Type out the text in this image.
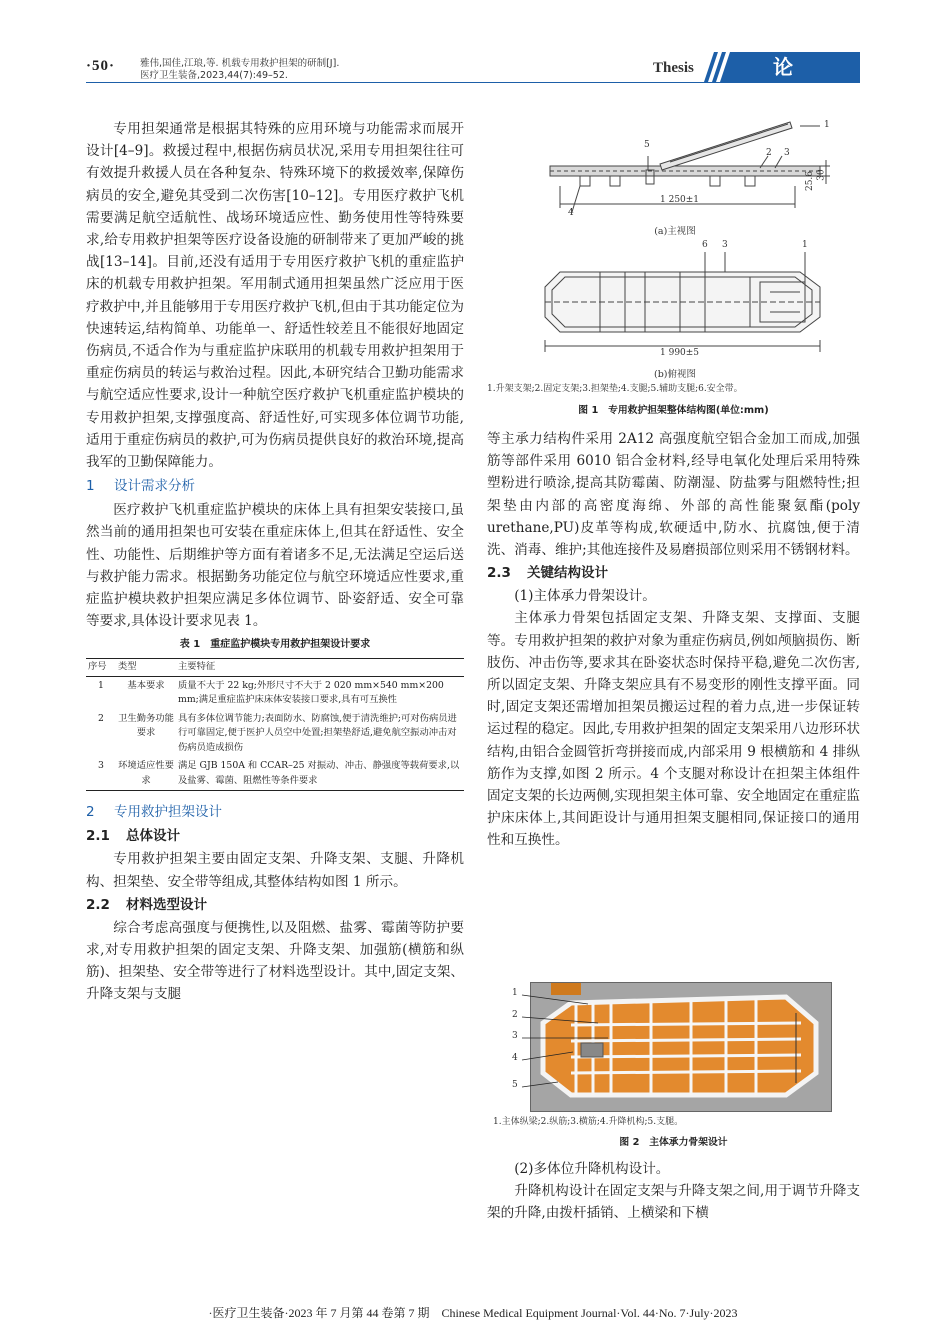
·50·	雅伟,国佳,江琅,等. 机载专用救护担架的研制[J].
医疗卫生装备,2023,44(7):49–52.	Thesis	论著

专用担架通常是根据其特殊的应用环境与功能需求而展开设计[4–9]。救援过程中,根据伤病员状况,采用专用担架往往可有效提升救援人员在各种复杂、特殊环境下的救援效率,保障伤病员的安全,避免其受到二次伤害[10–12]。专用医疗救护飞机需要满足航空适航性、战场环境适应性、勤务使用性等特殊要求,给专用救护担架等医疗设备设施的研制带来了更加严峻的挑战[13–14]。目前,还没有适用于专用医疗救护飞机的重症监护床的机载专用救护担架。军用制式通用担架虽然广泛应用于医疗救护中,并且能够用于专用医疗救护飞机,但由于其功能定位为快速转运,结构简单、功能单一、舒适性较差且不能很好地固定伤病员,不适合作为与重症监护床联用的机载专用救护担架用于重症伤病员的转运与救治过程。因此,本研究结合卫勤功能需求与航空适应性要求,设计一种航空医疗救护飞机重症监护模块的专用救护担架,支撑强度高、舒适性好,可实现多体位调节功能,适用于重症伤病员的救护,可为伤病员提供良好的救治环境,提高我军的卫勤保障能力。

1 设计需求分析

医疗救护飞机重症监护模块的床体上具有担架安装接口,虽然当前的通用担架也可安装在重症床体上,但其在舒适性、安全性、功能性、后期维护等方面有着诸多不足,无法满足空运后送与救护能力需求。根据勤务功能定位与航空环境适应性要求,重症监护模块救护担架应满足多体位调节、卧姿舒适、安全可靠等要求,具体设计要求见表 1。

表 1　重症监护模块专用救护担架设计要求
序号	类型	主要特征
1	基本要求	质量不大于 22 kg;外形尺寸不大于 2 020 mm×540 mm×200 mm;满足重症监护床床体安装接口要求,具有可互换性
2	卫生勤务功能要求	具有多体位调节能力;表面防水、防腐蚀,便于清洗维护;可对伤病员进行可靠固定,便于医护人员空中处置;担架垫舒适,避免航空振动冲击对伤病员造成损伤
3	环境适应性要求	满足 GJB 150A 和 CCAR–25 对振动、冲击、静强度等载荷要求,以及盐雾、霉菌、阻燃性等条件要求
2 专用救护担架设计
2.1 总体设计

专用救护担架主要由固定支架、升降支架、支腿、升降机构、担架垫、安全带等组成,其整体结构如图 1 所示。

2.2 材料选型设计

综合考虑高强度与便携性,以及阻燃、盐雾、霉菌等防护要求,对专用救护担架的固定支架、升降支架、加强筋(横筋和纵筋)、担架垫、安全带等进行了材料选型设计。其中,固定支架、升降支架与支腿

5
1
2 3
4
1 250±1
25.6 30
(a)主视图
6 3	1
1 990±5
(b)俯视图
1.升架支架;2.固定支架;3.担架垫;4.支腿;5.辅助支腿;6.安全带。
图 1　专用救护担架整体结构图(单位:mm)

等主承力结构件采用 2A12 高强度航空铝合金加工而成,加强筋等部件采用 6010 铝合金材料,经导电氧化处理后采用特殊塑粉进行喷涂,提高其防霉菌、防潮湿、防盐雾与阻燃特性;担架垫由内部的高密度海绵、外部的高性能聚氨酯(poly urethane,PU)皮革等构成,软硬适中,防水、抗腐蚀,便于清洗、消毒、维护;其他连接件及易磨损部位则采用不锈钢材料。

2.3 关键结构设计

(1)主体承力骨架设计。

主体承力骨架包括固定支架、升降支架、支撑面、支腿等。专用救护担架的救护对象为重症伤病员,例如颅脑损伤、断肢伤、冲击伤等,要求其在卧姿状态时保持平稳,避免二次伤害,所以固定支架、升降支架应具有不易变形的刚性支撑平面。同时,固定支架还需增加担架员搬运过程的着力点,进一步保证转运过程的稳定。因此,专用救护担架的固定支架采用八边形环状结构,由铝合金圆管折弯拼接而成,内部采用 9 根横筋和 4 排纵筋作为支撑,如图 2 所示。4 个支腿对称设计在担架主体组件固定支架的长边两侧,实现担架主体可靠、安全地固定在重症监护床床体上,其间距设计与通用担架支腿相同,保证接口的通用性和互换性。

1
2
3
4
5
1.主体纵梁;2.纵筋;3.横筋;4.升降机构;5.支腿。
图 2　主体承力骨架设计

(2)多体位升降机构设计。

升降机构设计在固定支架与升降支架之间,用于调节升降支架的升降,由拨杆插销、上横梁和下横

·医疗卫生装备·2023 年 7 月第 44 卷第 7 期　Chinese Medical Equipment Journal·Vol. 44·No. 7·July·2023
